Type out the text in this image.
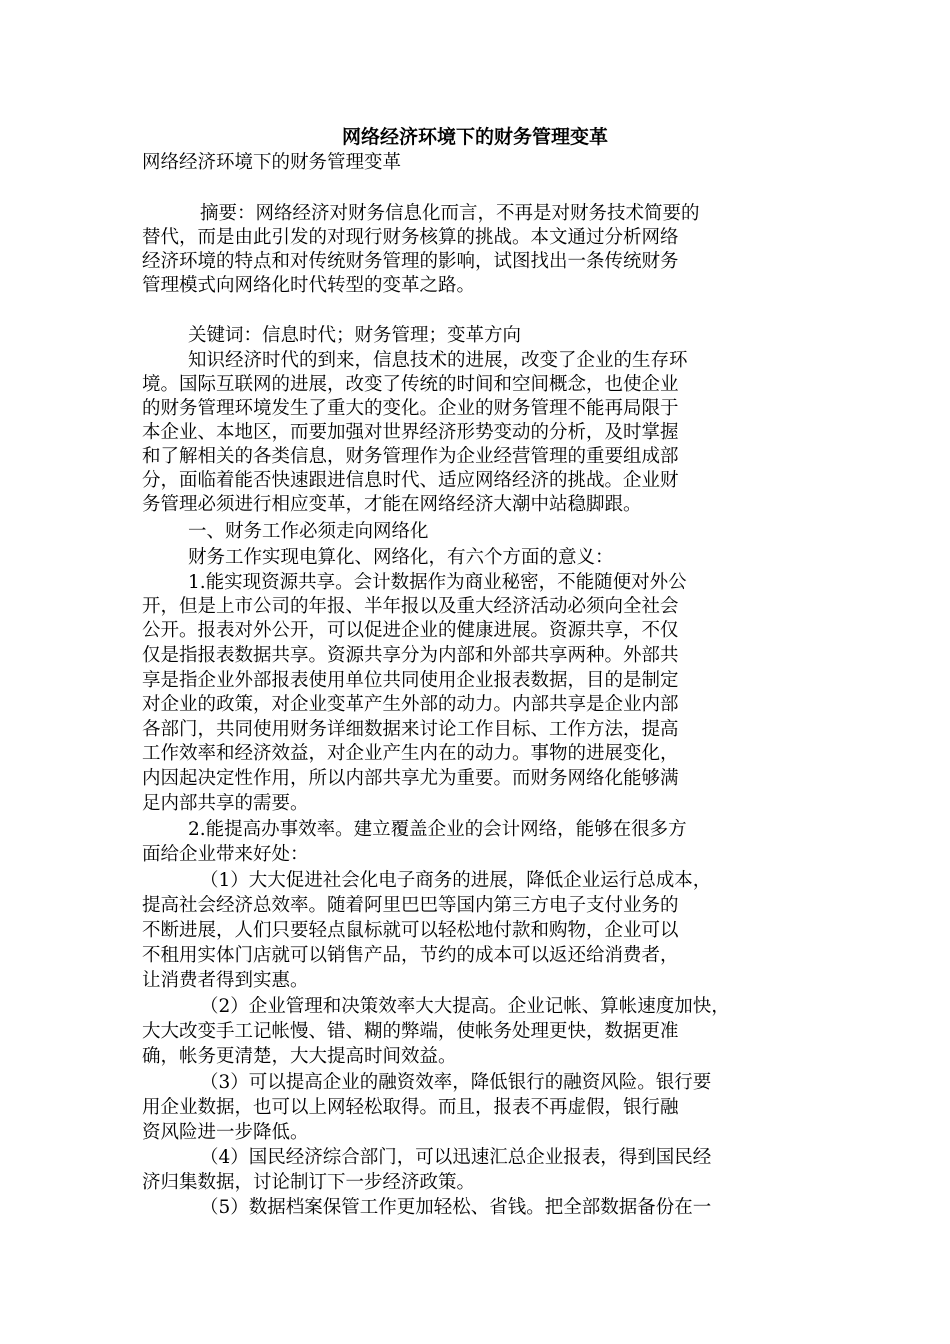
网络经济环境下的财务管理变革
网络经济环境下的财务管理变革
摘要：网络经济对财务信息化而言，不再是对财务技术简要的
替代，而是由此引发的对现行财务核算的挑战。本文通过分析网络
经济环境的特点和对传统财务管理的影响，试图找出一条传统财务
管理模式向网络化时代转型的变革之路。
关键词：信息时代；财务管理；变革方向
知识经济时代的到来，信息技术的进展，改变了企业的生存环
境。国际互联网的进展，改变了传统的时间和空间概念，也使企业
的财务管理环境发生了重大的变化。企业的财务管理不能再局限于
本企业、本地区，而要加强对世界经济形势变动的分析，及时掌握
和了解相关的各类信息，财务管理作为企业经营管理的重要组成部
分，面临着能否快速跟进信息时代、适应网络经济的挑战。企业财
务管理必须进行相应变革，才能在网络经济大潮中站稳脚跟。
一、财务工作必须走向网络化
财务工作实现电算化、网络化，有六个方面的意义：
1.能实现资源共享。会计数据作为商业秘密，不能随便对外公
开，但是上市公司的年报、半年报以及重大经济活动必须向全社会
公开。报表对外公开，可以促进企业的健康进展。资源共享，不仅
仅是指报表数据共享。资源共享分为内部和外部共享两种。外部共
享是指企业外部报表使用单位共同使用企业报表数据，目的是制定
对企业的政策，对企业变革产生外部的动力。内部共享是企业内部
各部门，共同使用财务详细数据来讨论工作目标、工作方法，提高
工作效率和经济效益，对企业产生内在的动力。事物的进展变化，
内因起决定性作用，所以内部共享尤为重要。而财务网络化能够满
足内部共享的需要。
2.能提高办事效率。建立覆盖企业的会计网络，能够在很多方
面给企业带来好处：
（1）大大促进社会化电子商务的进展，降低企业运行总成本，
提高社会经济总效率。随着阿里巴巴等国内第三方电子支付业务的
不断进展，人们只要轻点鼠标就可以轻松地付款和购物，企业可以
不租用实体门店就可以销售产品，节约的成本可以返还给消费者，
让消费者得到实惠。
（2）企业管理和决策效率大大提高。企业记帐、算帐速度加快，
大大改变手工记帐慢、错、糊的弊端，使帐务处理更快，数据更准
确，帐务更清楚，大大提高时间效益。
（3）可以提高企业的融资效率，降低银行的融资风险。银行要
用企业数据，也可以上网轻松取得。而且，报表不再虚假，银行融
资风险进一步降低。
（4）国民经济综合部门，可以迅速汇总企业报表，得到国民经
济归集数据，讨论制订下一步经济政策。
（5）数据档案保管工作更加轻松、省钱。把全部数据备份在一
